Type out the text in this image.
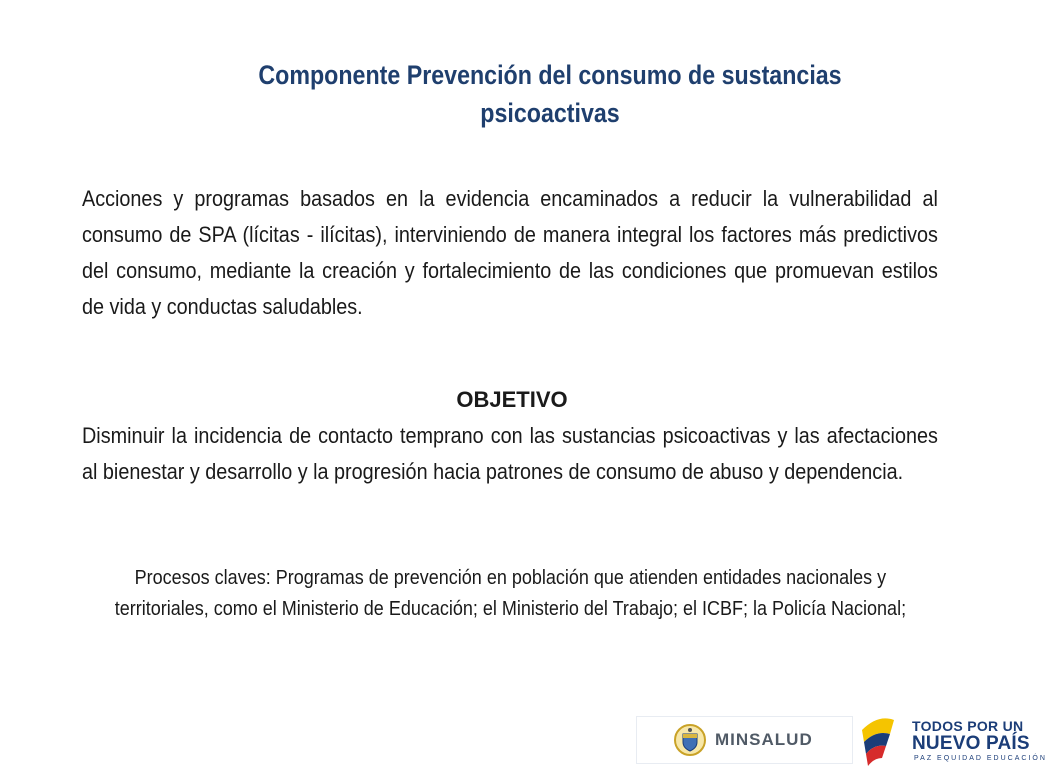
Componente Prevención del consumo de sustancias psicoactivas
Acciones y programas basados en la evidencia encaminados a reducir la vulnerabilidad al consumo de SPA (lícitas - ilícitas), interviniendo de manera integral los factores más predictivos del consumo, mediante la creación y fortalecimiento de las condiciones que promuevan estilos de vida y conductas saludables.
OBJETIVO
Disminuir la incidencia de contacto temprano con las sustancias psicoactivas y las afectaciones al bienestar y desarrollo y la progresión hacia patrones de consumo de abuso y dependencia.
Procesos claves: Programas de prevención en población que atienden entidades nacionales y territoriales, como el Ministerio de Educación; el Ministerio del Trabajo; el ICBF; la Policía Nacional;
MINSALUD
TODOS POR UN
NUEVO PAÍS
PAZ EQUIDAD EDUCACIÓN
